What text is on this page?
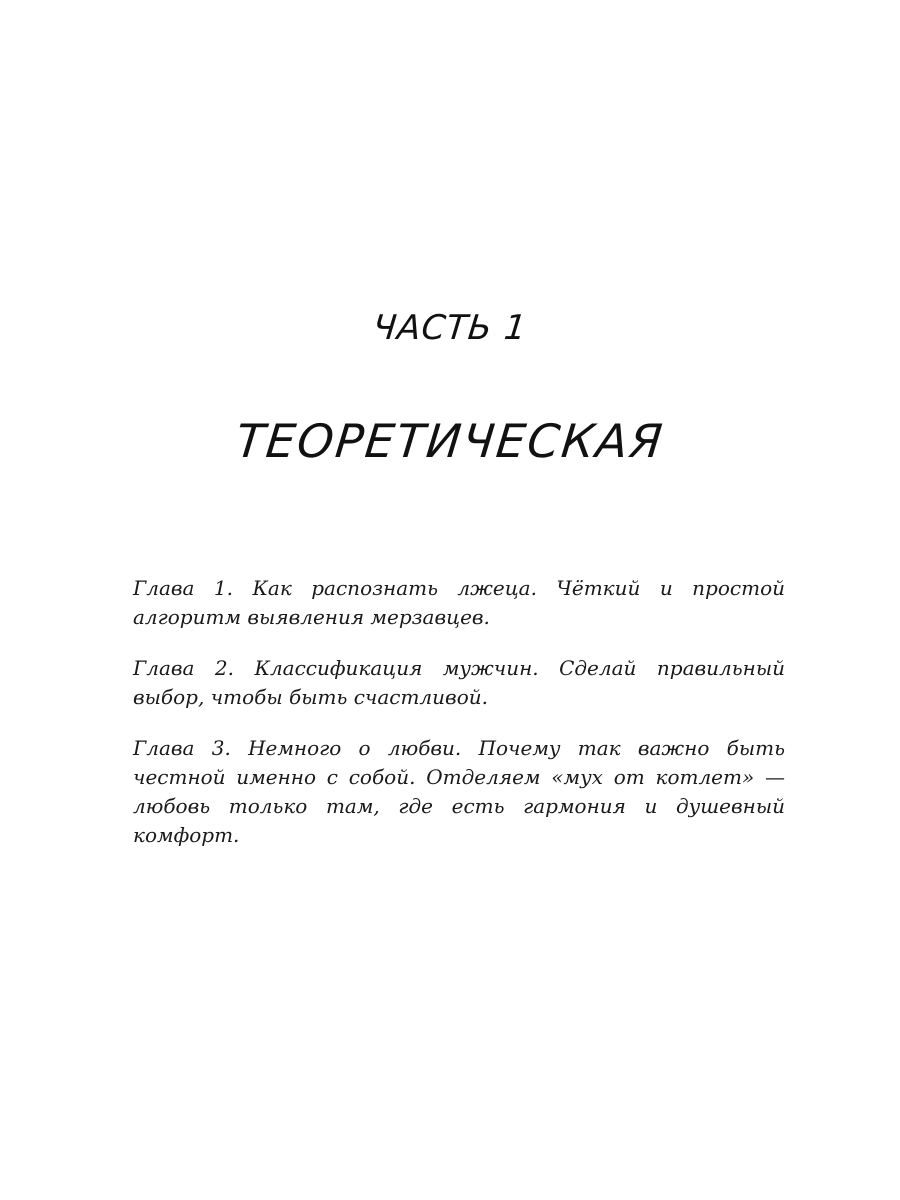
ЧАСТЬ 1
ТЕОРЕТИЧЕСКАЯ

Глава 1. Как распознать лжеца. Чёткий и простой алгоритм выявления мерзавцев.

Глава 2. Классификация мужчин. Сделай правильный выбор, чтобы быть счастливой.

Глава 3. Немного о любви. Почему так важно быть честной именно с собой. Отделяем «мух от котлет» — любовь только там, где есть гармония и душевный комфорт.
